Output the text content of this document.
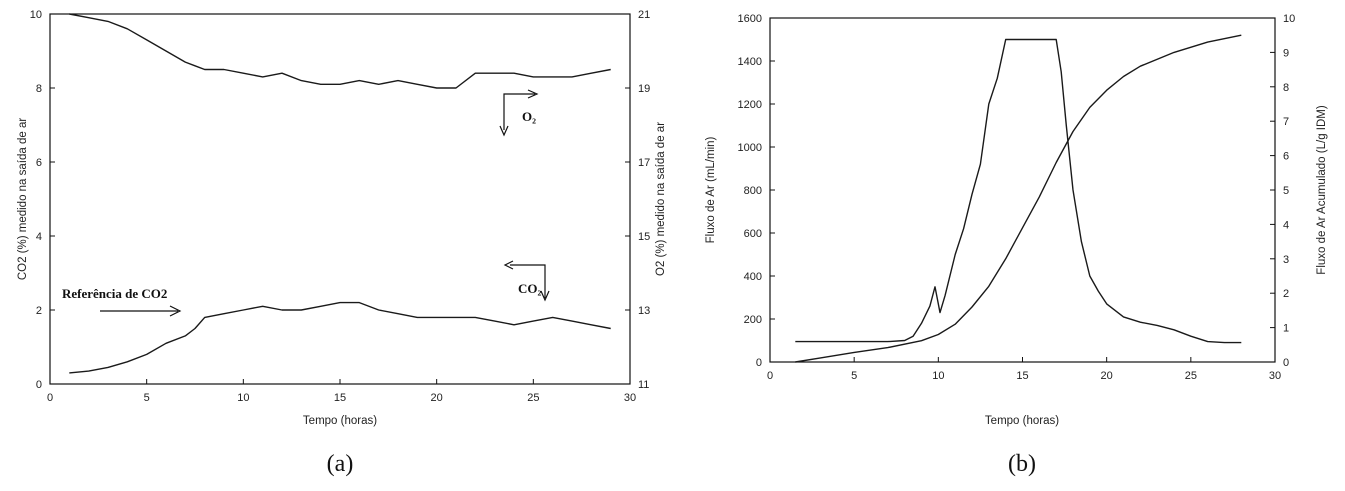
0	5	10	15	20	25	30
0
2
4
6
8
10
11
13
15
17
19
21
Tempo (horas)
CO2 (%) medido na saída de ar	O2 (%) medido na saída de ar
Referência de CO2	CO₂
O₂
(a)
0	5	10	15	20	25	30
0
200
400
600
800
1000
1200
1400
1600
0
1
2
3
4
5
6
7
8
9
10
Tempo (horas)
Fluxo de Ar (mL/min)	Fluxo de Ar Acumulado (L/g IDM)
(b)
